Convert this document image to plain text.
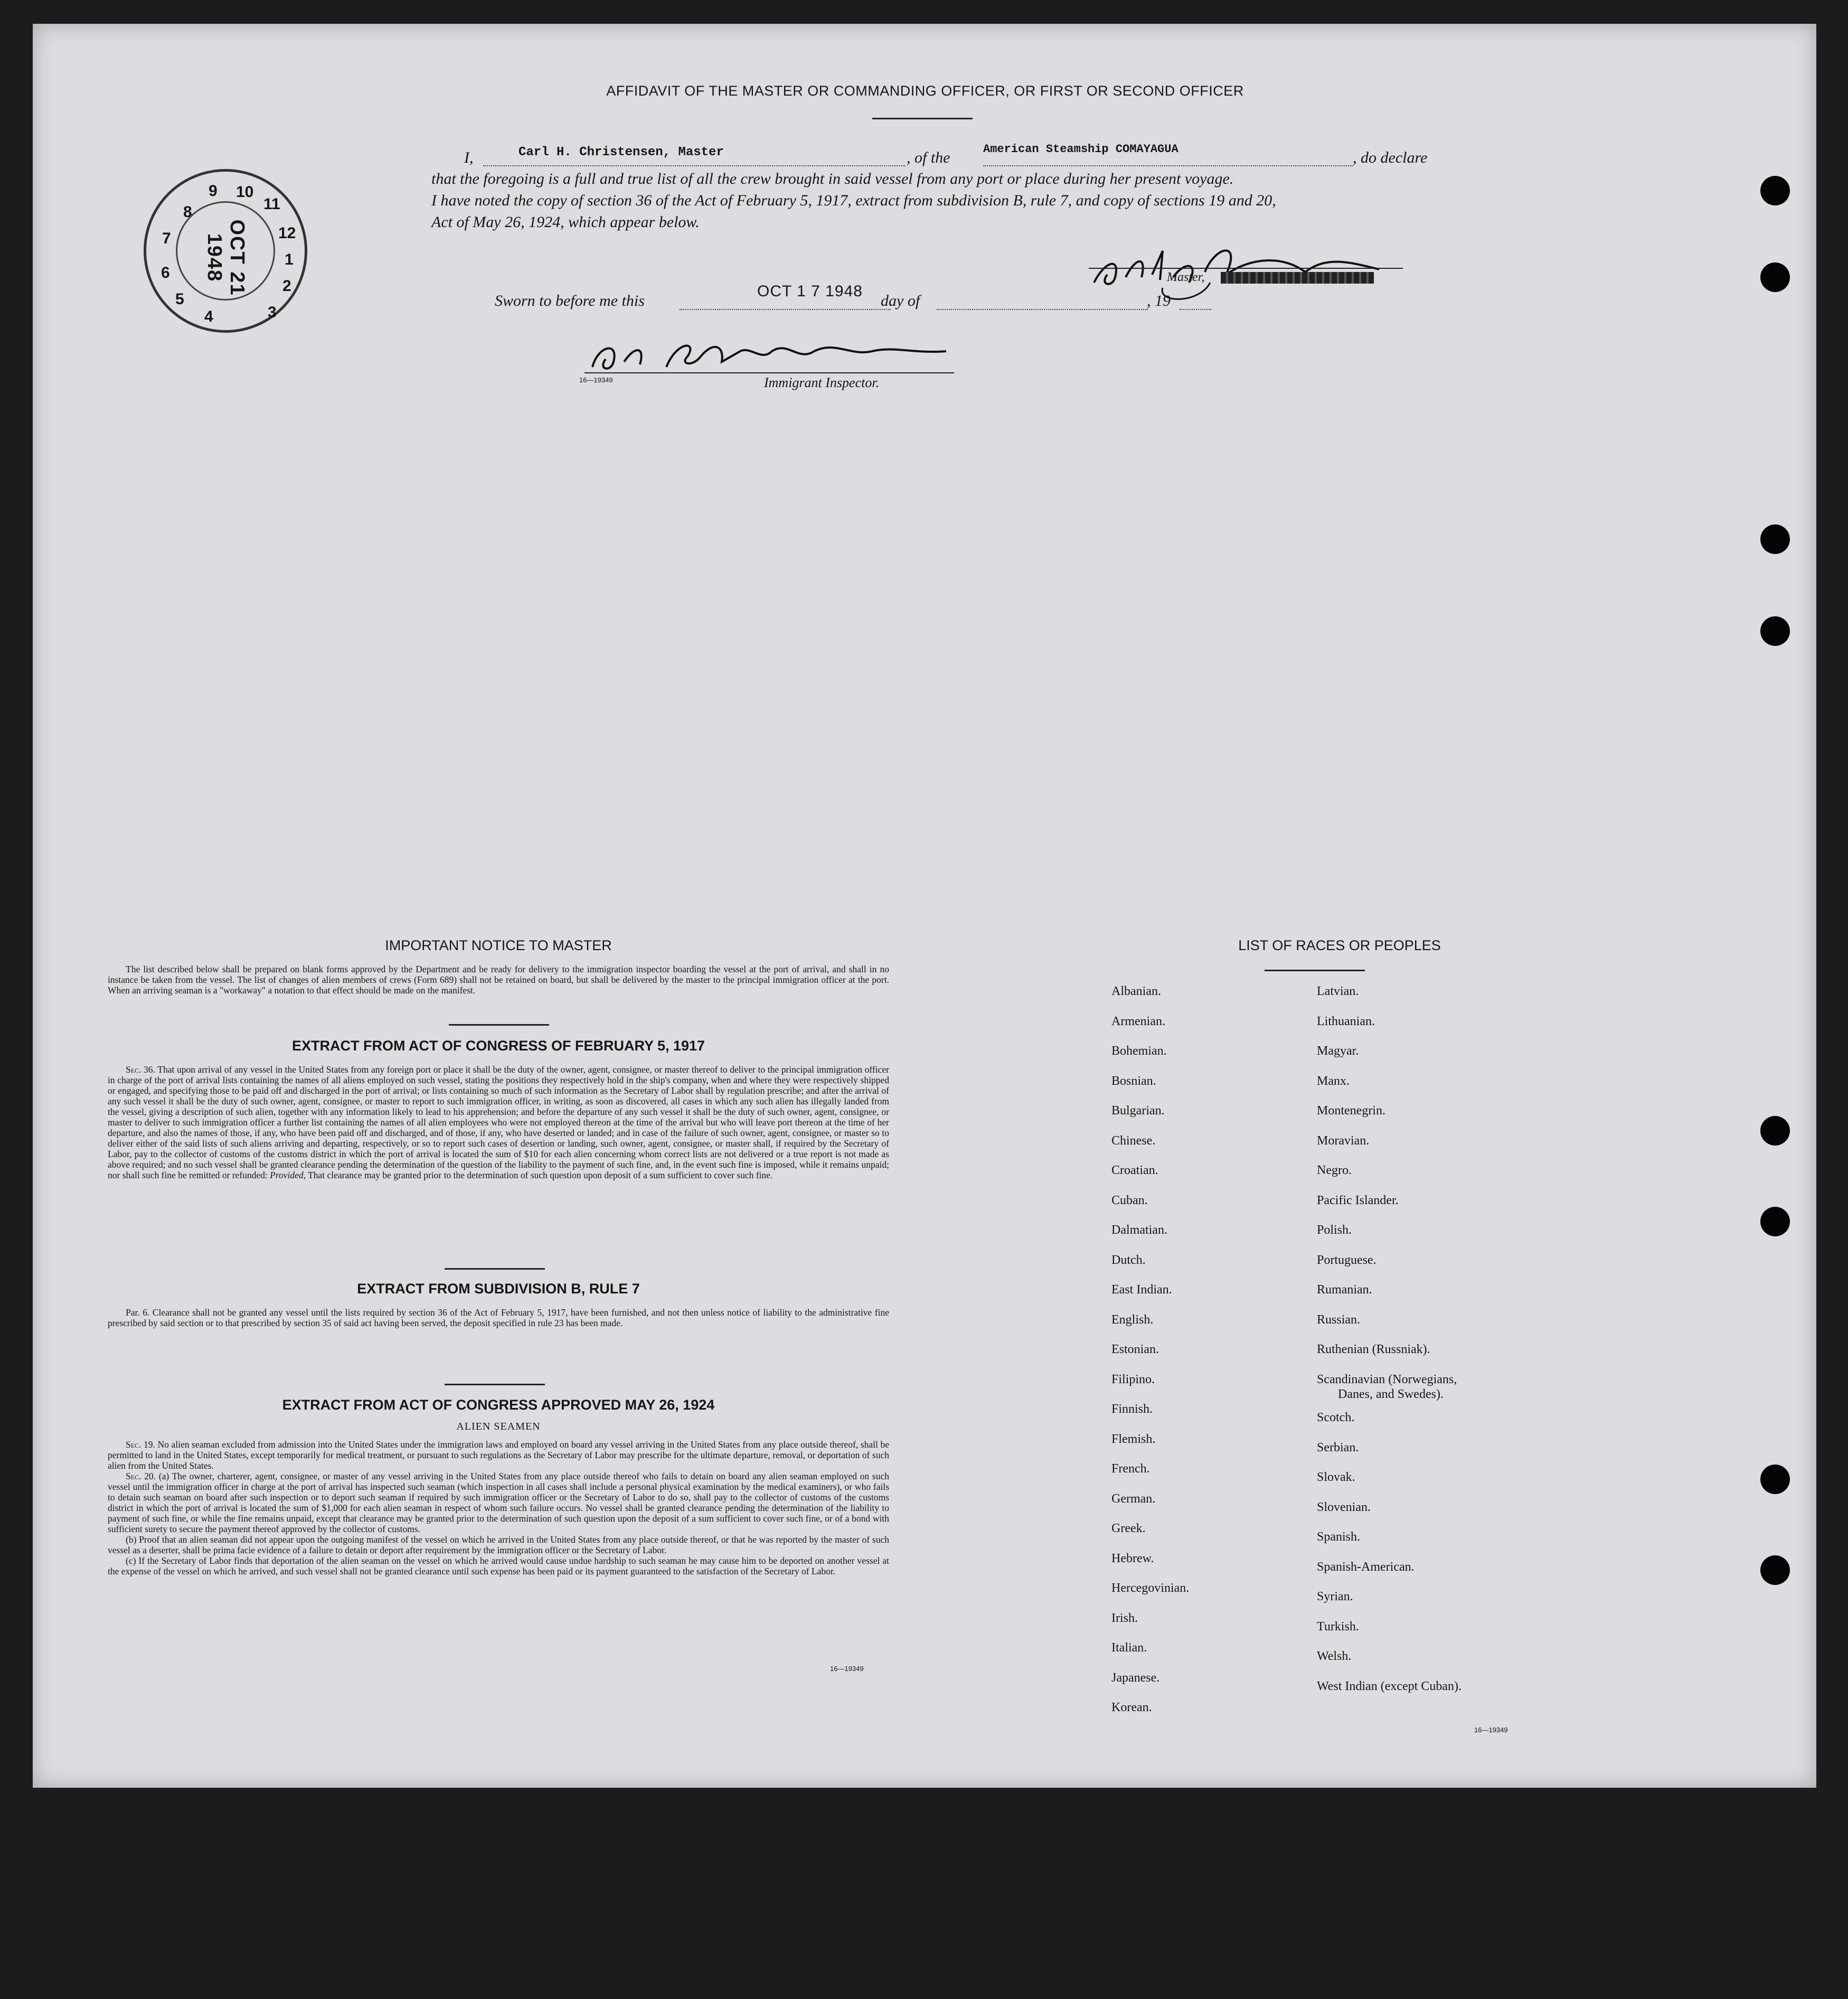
6
7
8
9 10
11
12
1
2
3
4
5
OCT 21 1948
AFFIDAVIT OF THE MASTER OR COMMANDING OFFICER, OR FIRST OR SECOND OFFICER
I,	Carl H. Christensen, Master	, of the	American Steamship COMAYAGUA	, do declare
that the foregoing is a full and true list of all the crew brought in said vessel from any port or place during her present voyage.
I have noted the copy of section 36 of the Act of February 5, 1917, extract from subdivision B, rule 7, and copy of sections 19 and 20,
Act of May 26, 1924, which appear below.
Master,
Sworn to before me this
OCT 1 7 1948
day of	, 19
16—19349	Immigrant Inspector.
IMPORTANT NOTICE TO MASTER

The list described below shall be prepared on blank forms approved by the Department and be ready for delivery to the immigration inspector boarding the vessel at the port of arrival, and shall in no instance be taken from the vessel. The list of changes of alien members of crews (Form 689) shall not be retained on board, but shall be delivered by the master to the principal immigration officer at the port. When an arriving seaman is a "workaway" a notation to that effect should be made on the manifest.

EXTRACT FROM ACT OF CONGRESS OF FEBRUARY 5, 1917

Sec. 36. That upon arrival of any vessel in the United States from any foreign port or place it shall be the duty of the owner, agent, consignee, or master thereof to deliver to the principal immigration officer in charge of the port of arrival lists containing the names of all aliens employed on such vessel, stating the positions they respectively hold in the ship's company, when and where they were respectively shipped or engaged, and specifying those to be paid off and discharged in the port of arrival; or lists containing so much of such information as the Secretary of Labor shall by regulation prescribe; and after the arrival of any such vessel it shall be the duty of such owner, agent, consignee, or master to report to such immigration officer, in writing, as soon as discovered, all cases in which any such alien has illegally landed from the vessel, giving a description of such alien, together with any information likely to lead to his apprehension; and before the departure of any such vessel it shall be the duty of such owner, agent, consignee, or master to deliver to such immigration officer a further list containing the names of all alien employees who were not employed thereon at the time of the arrival but who will leave port thereon at the time of her departure, and also the names of those, if any, who have been paid off and discharged, and of those, if any, who have deserted or landed; and in case of the failure of such owner, agent, consignee, or master so to deliver either of the said lists of such aliens arriving and departing, respectively, or so to report such cases of desertion or landing, such owner, agent, consignee, or master shall, if required by the Secretary of Labor, pay to the collector of customs of the customs district in which the port of arrival is located the sum of $10 for each alien concerning whom correct lists are not delivered or a true report is not made as above required; and no such vessel shall be granted clearance pending the determination of the question of the liability to the payment of such fine, and, in the event such fine is imposed, while it remains unpaid; nor shall such fine be remitted or refunded: Provided, That clearance may be granted prior to the determination of such question upon deposit of a sum sufficient to cover such fine.

EXTRACT FROM SUBDIVISION B, RULE 7

Par. 6. Clearance shall not be granted any vessel until the lists required by section 36 of the Act of February 5, 1917, have been furnished, and not then unless notice of liability to the administrative fine prescribed by said section or to that prescribed by section 35 of said act having been served, the deposit specified in rule 23 has been made.

EXTRACT FROM ACT OF CONGRESS APPROVED MAY 26, 1924
ALIEN SEAMEN

Sec. 19. No alien seaman excluded from admission into the United States under the immigration laws and employed on board any vessel arriving in the United States from any place outside thereof, shall be permitted to land in the United States, except temporarily for medical treatment, or pursuant to such regulations as the Secretary of Labor may prescribe for the ultimate departure, removal, or deportation of such alien from the United States.

Sec. 20. (a) The owner, charterer, agent, consignee, or master of any vessel arriving in the United States from any place outside thereof who fails to detain on board any alien seaman employed on such vessel until the immigration officer in charge at the port of arrival has inspected such seaman (which inspection in all cases shall include a personal physical examination by the medical examiners), or who fails to detain such seaman on board after such inspection or to deport such seaman if required by such immigration officer or the Secretary of Labor to do so, shall pay to the collector of customs of the customs district in which the port of arrival is located the sum of $1,000 for each alien seaman in respect of whom such failure occurs. No vessel shall be granted clearance pending the determination of the liability to payment of such fine, or while the fine remains unpaid, except that clearance may be granted prior to the determination of such question upon the deposit of a sum sufficient to cover such fine, or of a bond with sufficient surety to secure the payment thereof approved by the collector of customs.

(b) Proof that an alien seaman did not appear upon the outgoing manifest of the vessel on which he arrived in the United States from any place outside thereof, or that he was reported by the master of such vessel as a deserter, shall be prima facie evidence of a failure to detain or deport after requirement by the immigration officer or the Secretary of Labor.

(c) If the Secretary of Labor finds that deportation of the alien seaman on the vessel on which he arrived would cause undue hardship to such seaman he may cause him to be deported on another vessel at the expense of the vessel on which he arrived, and such vessel shall not be granted clearance until such expense has been paid or its payment guaranteed to the satisfaction of the Secretary of Labor.

16—19349
LIST OF RACES OR PEOPLES
Albanian.
Armenian.
Bohemian.
Bosnian.
Bulgarian.
Chinese.
Croatian.
Cuban.
Dalmatian.
Dutch.
East Indian.
English.
Estonian.
Filipino.
Finnish.
Flemish.
French.
German.
Greek.
Hebrew.
Hercegovinian.
Irish.
Italian.
Japanese.
Korean.
Latvian.
Lithuanian.
Magyar.
Manx.
Montenegrin.
Moravian.
Negro.
Pacific Islander.
Polish.
Portuguese.
Rumanian.
Russian.
Ruthenian (Russniak).
Scandinavian (Norwegians,
Danes, and Swedes).
Scotch.
Serbian.
Slovak.
Slovenian.
Spanish.
Spanish-American.
Syrian.
Turkish.
Welsh.
West Indian (except Cuban).
16—19349
